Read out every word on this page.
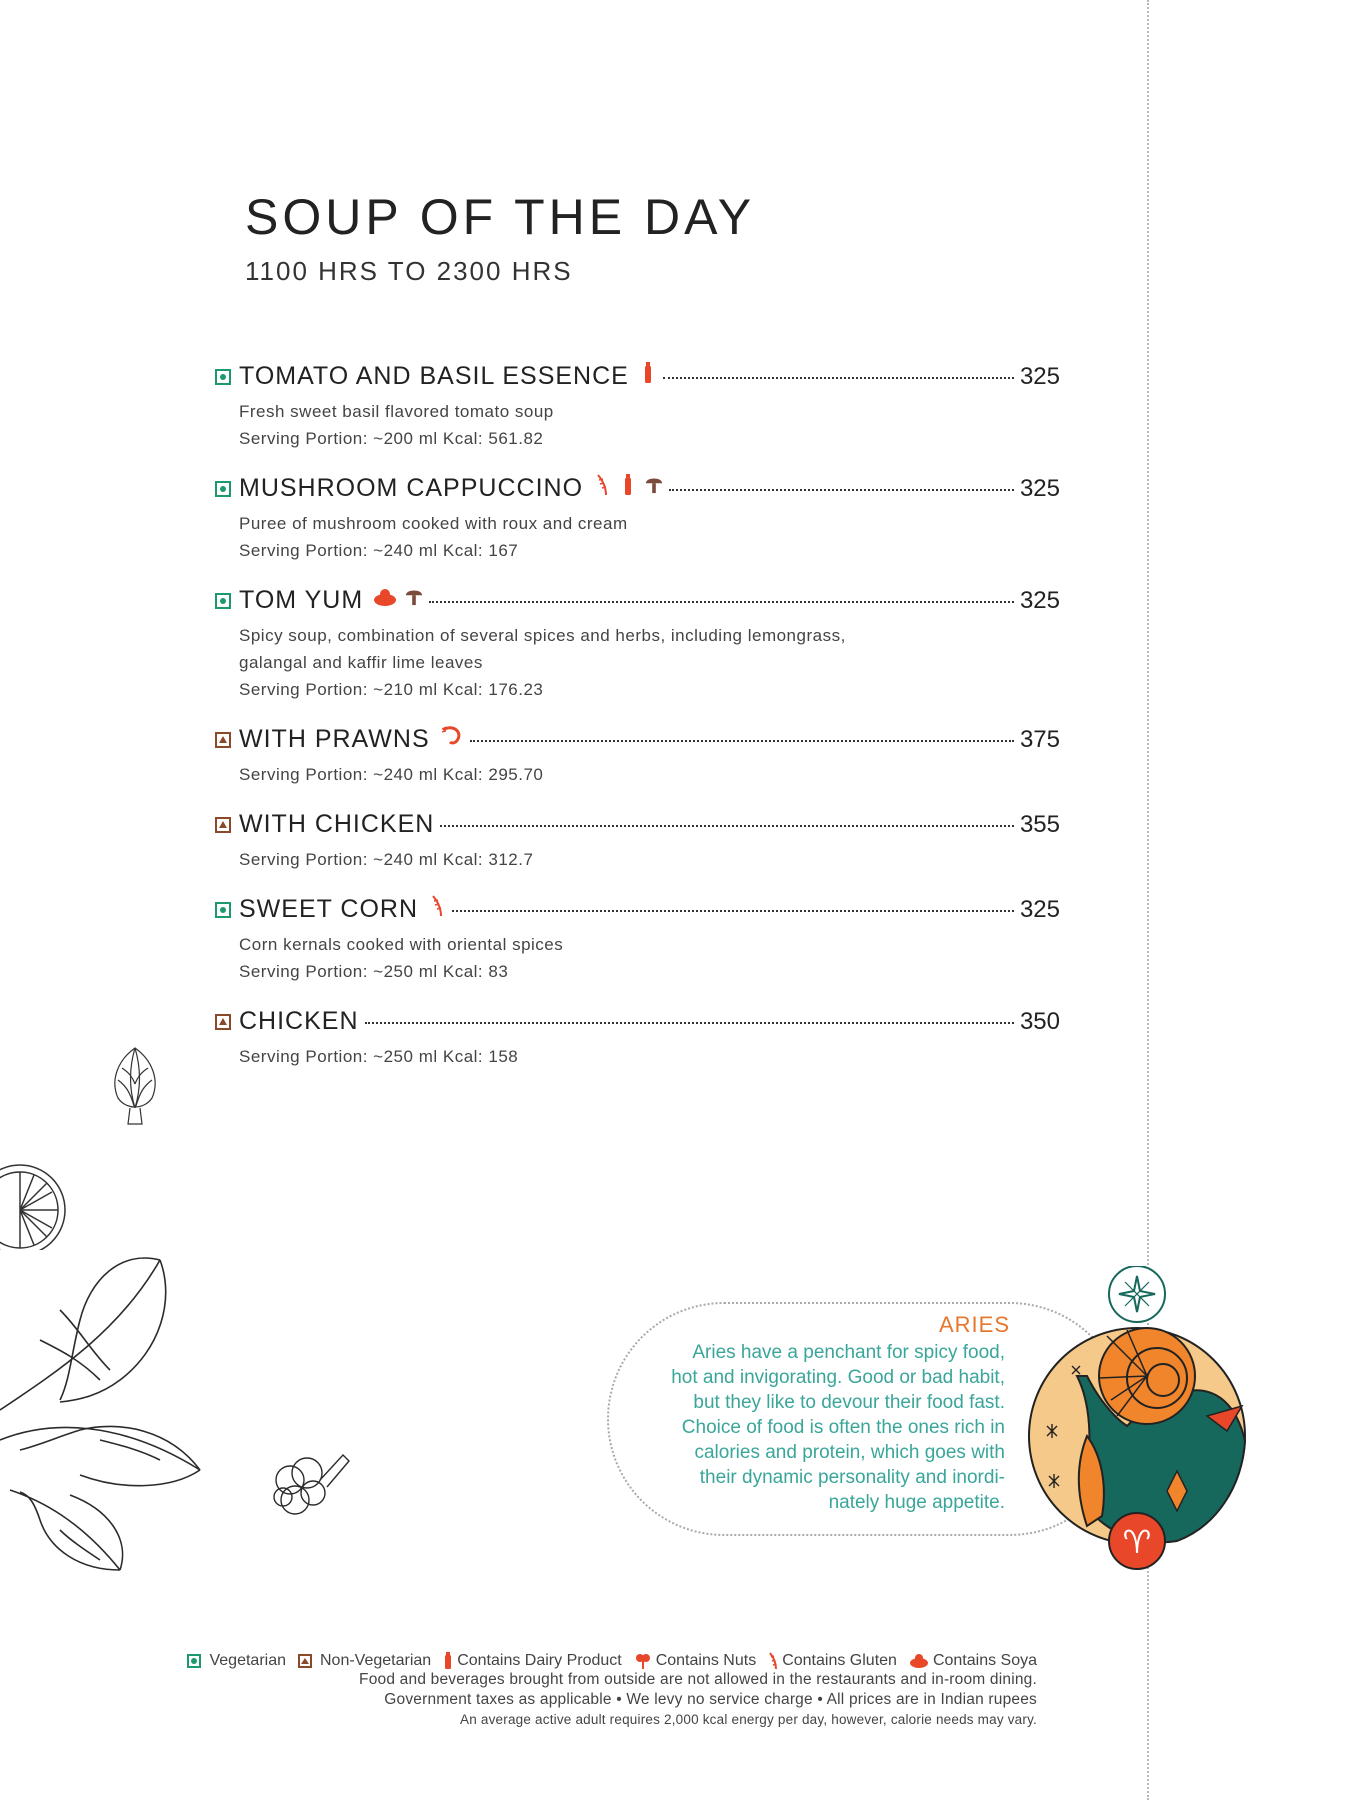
SOUP OF THE DAY
1100 HRS TO 2300 HRS
TOMATO AND BASIL ESSENCE	325
Fresh sweet basil flavored tomato soup
Serving Portion: ~200 ml Kcal: 561.82
MUSHROOM CAPPUCCINO	325
Puree of mushroom cooked with roux and cream
Serving Portion: ~240 ml Kcal: 167
TOM YUM	325
Spicy soup, combination of several spices and herbs, including lemongrass,
galangal and kaffir lime leaves
Serving Portion: ~210 ml Kcal: 176.23
WITH PRAWNS	375
Serving Portion: ~240 ml Kcal: 295.70
WITH CHICKEN	355
Serving Portion: ~240 ml Kcal: 312.7
SWEET CORN	325
Corn kernals cooked with oriental spices
Serving Portion: ~250 ml Kcal: 83
CHICKEN	350
Serving Portion: ~250 ml Kcal: 158
ARIES
Aries have a penchant for spicy food,
hot and invigorating. Good or bad habit,
but they like to devour their food fast.
Choice of food is often the ones rich in
calories and protein, which goes with
their dynamic personality and inordi-
nately huge appetite.
♈
Vegetarian Non-Vegetarian Contains Dairy Product Contains Nuts Contains Gluten Contains Soya
Food and beverages brought from outside are not allowed in the restaurants and in-room dining.
Government taxes as applicable • We levy no service charge • All prices are in Indian rupees
An average active adult requires 2,000 kcal energy per day, however, calorie needs may vary.
